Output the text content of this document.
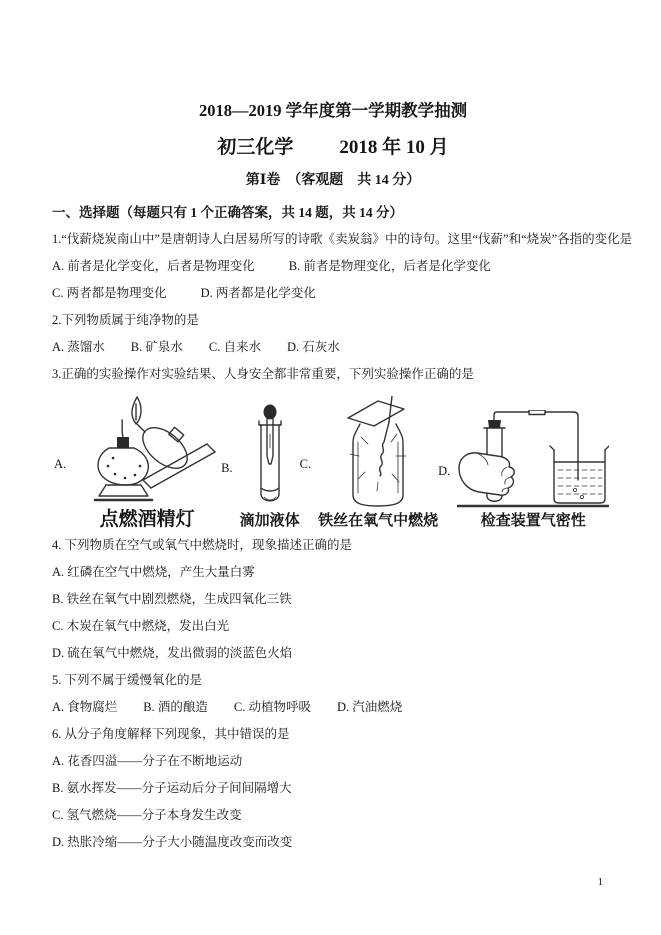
2018—2019 学年度第一学期教学抽测

初三化学 2018 年 10 月

第Ⅰ卷　（客观题　共 14 分）

一、选择题（每题只有 1 个正确答案，共 14 题，共 14 分）

1.“伐薪烧炭南山中”是唐朝诗人白居易所写的诗歌《卖炭翁》中的诗句。这里“伐薪”和“烧炭”各指的变化是

A. 前者是化学变化，后者是物理变化	B. 前者是物理变化，后者是化学变化

C. 两者都是物理变化	D. 两者都是化学变化

2.下列物质属于纯净物的是

A. 蒸馏水 B. 矿泉水 C. 自来水 D. 石灰水

3.正确的实验操作对实验结果、人身安全都非常重要，下列实验操作正确的是

A.
点燃酒精灯
B.
滴加液体
C.
铁丝在氧气中燃烧
D.
检查装置气密性

4. 下列物质在空气或氧气中燃烧时，现象描述正确的是

A. 红磷在空气中燃烧，产生大量白雾

B. 铁丝在氧气中剧烈燃烧，生成四氧化三铁

C. 木炭在氧气中燃烧，发出白光

D. 硫在氧气中燃烧，发出微弱的淡蓝色火焰

5. 下列不属于缓慢氧化的是

A. 食物腐烂 B. 酒的酿造 C. 动植物呼吸 D. 汽油燃烧

6. 从分子角度解释下列现象，其中错误的是

A. 花香四溢——分子在不断地运动

B. 氨水挥发——分子运动后分子间间隔增大

C. 氢气燃烧——分子本身发生改变

D. 热胀冷缩——分子大小随温度改变而改变

1
